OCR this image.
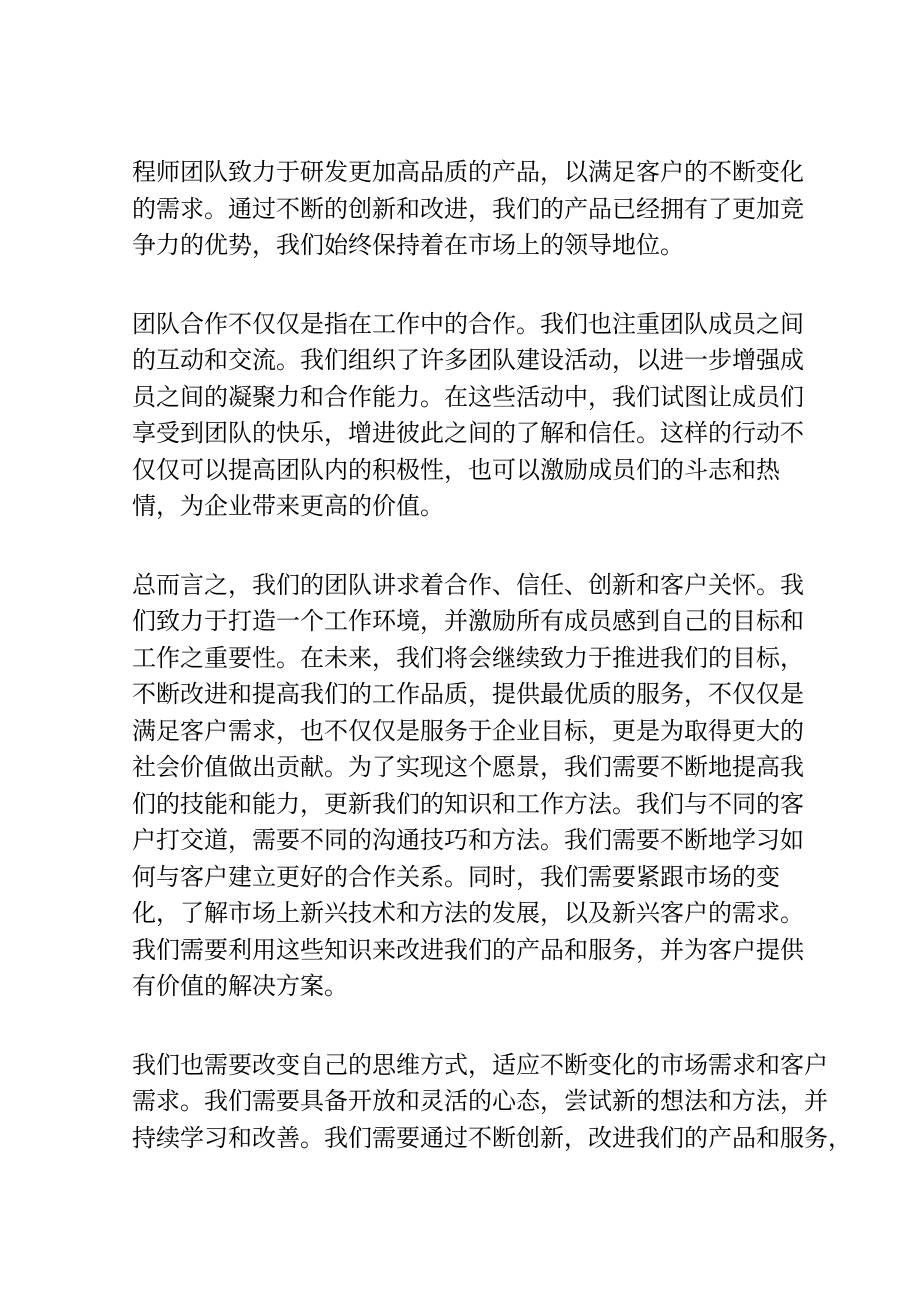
程师团队致力于研发更加高品质的产品，以满足客户的不断变化
的需求。通过不断的创新和改进，我们的产品已经拥有了更加竞
争力的优势，我们始终保持着在市场上的领导地位。
团队合作不仅仅是指在工作中的合作。我们也注重团队成员之间
的互动和交流。我们组织了许多团队建设活动，以进一步增强成
员之间的凝聚力和合作能力。在这些活动中，我们试图让成员们
享受到团队的快乐，增进彼此之间的了解和信任。这样的行动不
仅仅可以提高团队内的积极性，也可以激励成员们的斗志和热
情，为企业带来更高的价值。
总而言之，我们的团队讲求着合作、信任、创新和客户关怀。我
们致力于打造一个工作环境，并激励所有成员感到自己的目标和
工作之重要性。在未来，我们将会继续致力于推进我们的目标，
不断改进和提高我们的工作品质，提供最优质的服务，不仅仅是
满足客户需求，也不仅仅是服务于企业目标，更是为取得更大的
社会价值做出贡献。为了实现这个愿景，我们需要不断地提高我
们的技能和能力，更新我们的知识和工作方法。我们与不同的客
户打交道，需要不同的沟通技巧和方法。我们需要不断地学习如
何与客户建立更好的合作关系。同时，我们需要紧跟市场的变
化，了解市场上新兴技术和方法的发展，以及新兴客户的需求。
我们需要利用这些知识来改进我们的产品和服务，并为客户提供
有价值的解决方案。
我们也需要改变自己的思维方式，适应不断变化的市场需求和客户
需求。我们需要具备开放和灵活的心态，尝试新的想法和方法，并
持续学习和改善。我们需要通过不断创新，改进我们的产品和服务，
